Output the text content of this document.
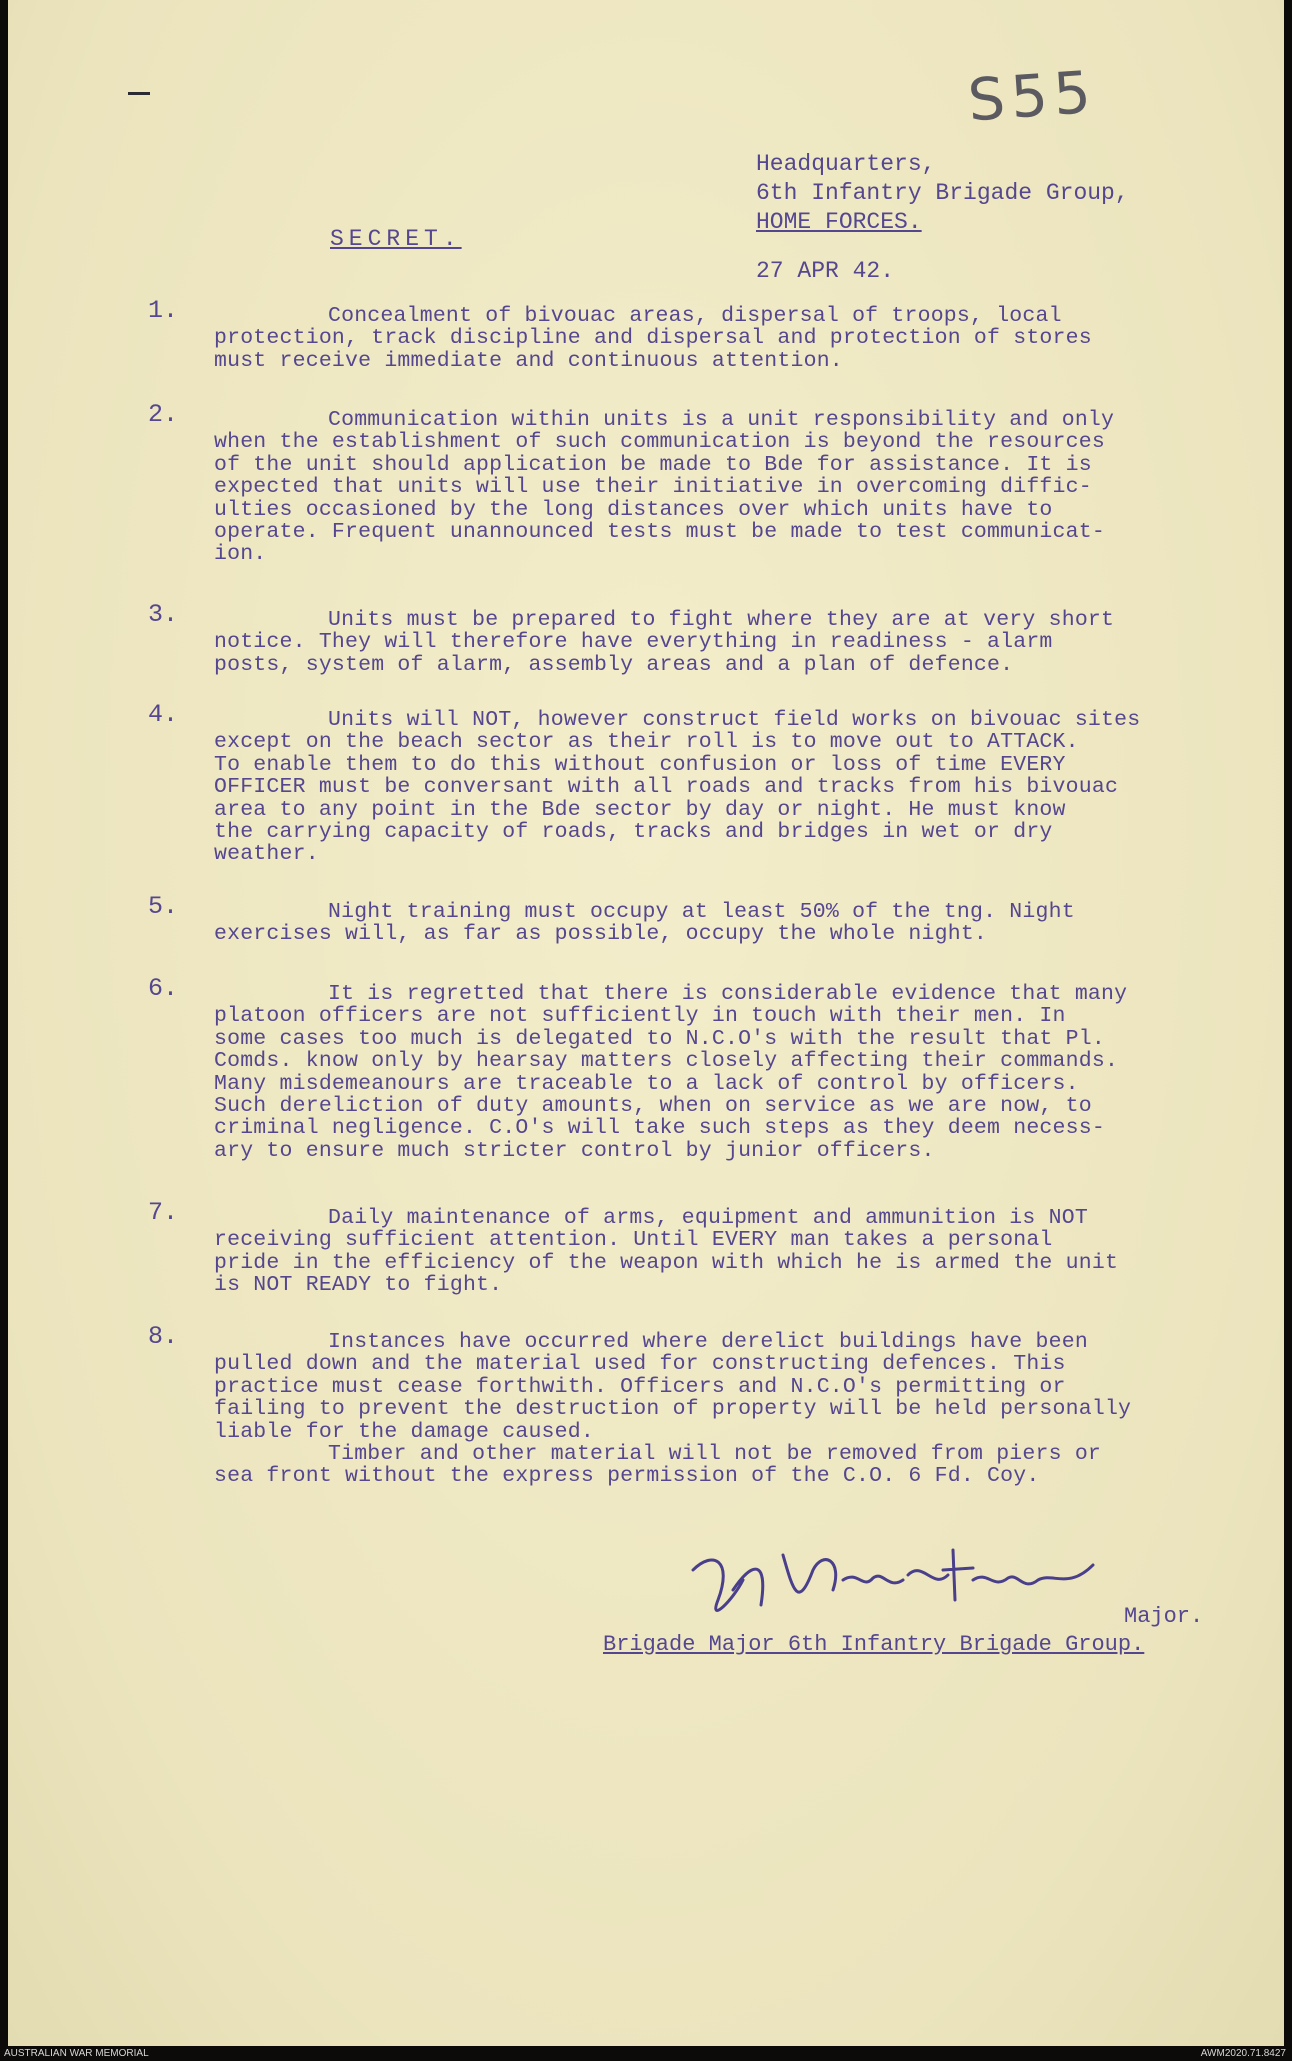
S55
SECRET.
Headquarters,
6th Infantry Brigade Group,
HOME FORCES.
27 APR 42.
1.	Concealment of bivouac areas, dispersal of troops, local
protection, track discipline and dispersal and protection of stores
must receive immediate and continuous attention.
2.	Communication within units is a unit responsibility and only
when the establishment of such communication is beyond the resources
of the unit should application be made to Bde for assistance. It is
expected that units will use their initiative in overcoming diffic-
ulties occasioned by the long distances over which units have to
operate. Frequent unannounced tests must be made to test communicat-
ion.
3.	Units must be prepared to fight where they are at very short
notice. They will therefore have everything in readiness - alarm
posts, system of alarm, assembly areas and a plan of defence.
4.	Units will NOT, however construct field works on bivouac sites
except on the beach sector as their roll is to move out to ATTACK.
To enable them to do this without confusion or loss of time EVERY
OFFICER must be conversant with all roads and tracks from his bivouac
area to any point in the Bde sector by day or night. He must know
the carrying capacity of roads, tracks and bridges in wet or dry
weather.
5.	Night training must occupy at least 50% of the tng. Night
exercises will, as far as possible, occupy the whole night.
6.	It is regretted that there is considerable evidence that many
platoon officers are not sufficiently in touch with their men. In
some cases too much is delegated to N.C.O's with the result that Pl.
Comds. know only by hearsay matters closely affecting their commands.
Many misdemeanours are traceable to a lack of control by officers.
Such dereliction of duty amounts, when on service as we are now, to
criminal negligence. C.O's will take such steps as they deem necess-
ary to ensure much stricter control by junior officers.
7.	Daily maintenance of arms, equipment and ammunition is NOT
receiving sufficient attention. Until EVERY man takes a personal
pride in the efficiency of the weapon with which he is armed the unit
is NOT READY to fight.
8.	Instances have occurred where derelict buildings have been
pulled down and the material used for constructing defences. This
practice must cease forthwith. Officers and N.C.O's permitting or
failing to prevent the destruction of property will be held personally
liable for the damage caused.
Timber and other material will not be removed from piers or
sea front without the express permission of the C.O. 6 Fd. Coy.
Major.
Brigade Major 6th Infantry Brigade Group.
AUSTRALIAN WAR MEMORIAL	AWM2020.71.8427
